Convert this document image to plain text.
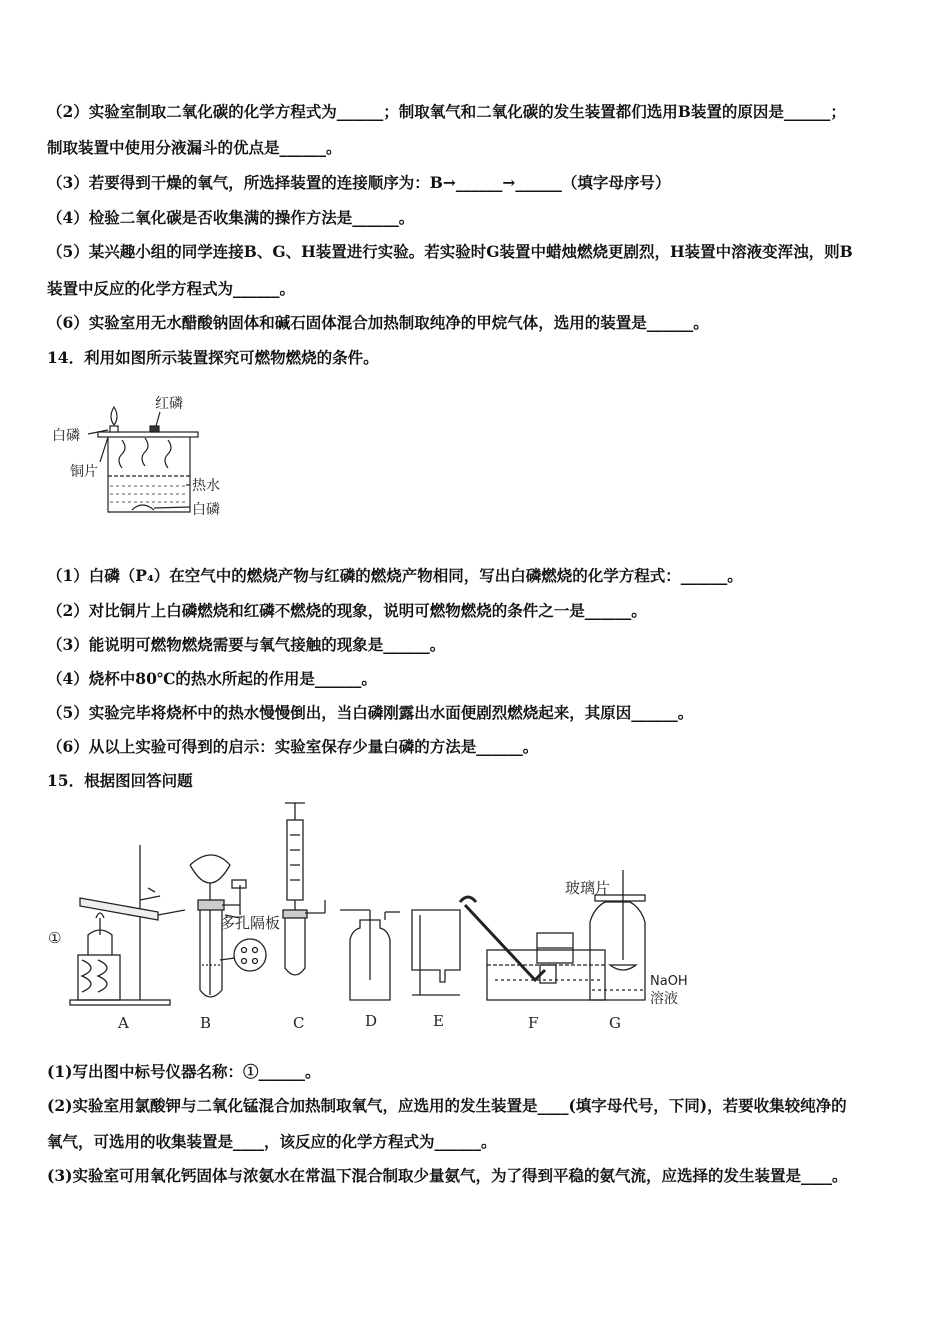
（2）实验室制取二氧化碳的化学方程式为______；制取氧气和二氧化碳的发生装置都们选用B装置的原因是______；
制取装置中使用分液漏斗的优点是______。
（3）若要得到干燥的氧气，所选择装置的连接顺序为：B→______→______（填字母序号）
（4）检验二氧化碳是否收集满的操作方法是______。
（5）某兴趣小组的同学连接B、G、H装置进行实验。若实验时G装置中蜡烛燃烧更剧烈，H装置中溶液变浑浊，则B
装置中反应的化学方程式为______。
（6）实验室用无水醋酸钠固体和碱石固体混合加热制取纯净的甲烷气体，选用的装置是______。
14．利用如图所示装置探究可燃物燃烧的条件。
红磷
白磷
铜片
热水
白磷
（1）白磷（P₄）在空气中的燃烧产物与红磷的燃烧产物相同，写出白磷燃烧的化学方程式：______。
（2）对比铜片上白磷燃烧和红磷不燃烧的现象，说明可燃物燃烧的条件之一是______。
（3）能说明可燃物燃烧需要与氧气接触的现象是______。
（4）烧杯中80℃的热水所起的作用是______。
（5）实验完毕将烧杯中的热水慢慢倒出，当白磷刚露出水面便剧烈燃烧起来，其原因______。
（6）从以上实验可得到的启示：实验室保存少量白磷的方法是______。
15．根据图回答问题
①
多孔隔板
玻璃片
NaOH
溶液
A	B	C	D	E	F	G
(1)写出图中标号仪器名称：①______。
(2)实验室用氯酸钾与二氧化锰混合加热制取氧气，应选用的发生装置是____(填字母代号，下同)，若要收集较纯净的
氧气，可选用的收集装置是____，该反应的化学方程式为______。
(3)实验室可用氧化钙固体与浓氨水在常温下混合制取少量氨气，为了得到平稳的氨气流，应选择的发生装置是____。
